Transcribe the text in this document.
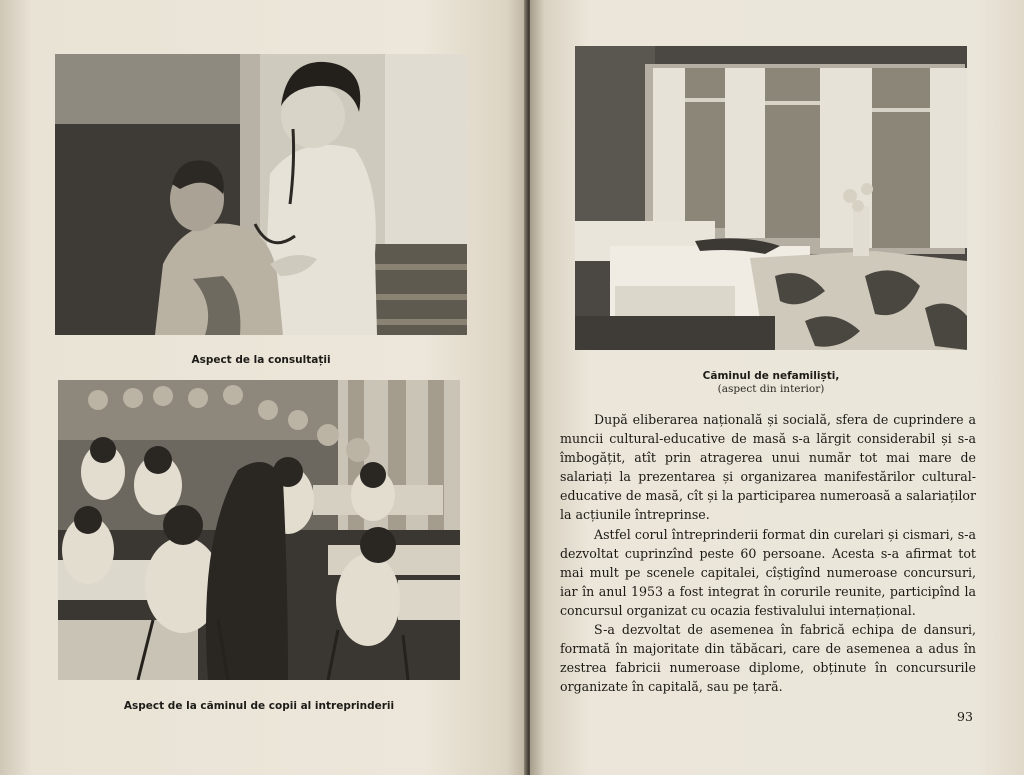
Aspect de la consultații
Aspect de la căminul de copii al intreprinderii
Căminul de nefamiliști,
(aspect din interior)

După eliberarea națională și socială, sfera de cuprindere a muncii cultural-educative de masă s-a lărgit considerabil și s-a îmbogățit, atît prin atragerea unui număr tot mai mare de salariați la prezentarea și organizarea manifestărilor cultural-educative de masă, cît și la participarea numeroasă a salariaților la acțiunile întreprinse.

Astfel corul întreprinderii format din curelari și cismari, s-a dezvoltat cuprinzînd peste 60 persoane. Acesta s-a afirmat tot mai mult pe scenele capitalei, cîștigînd numeroase concursuri, iar în anul 1953 a fost integrat în corurile reunite, participînd la concursul organizat cu ocazia festivalului internațional.

S-a dezvoltat de asemenea în fabrică echipa de dansuri, formată în majoritate din tăbăcari, care de asemenea a adus în zestrea fabricii numeroase diplome, obținute în concursurile organizate în capitală, sau pe țară.

93
